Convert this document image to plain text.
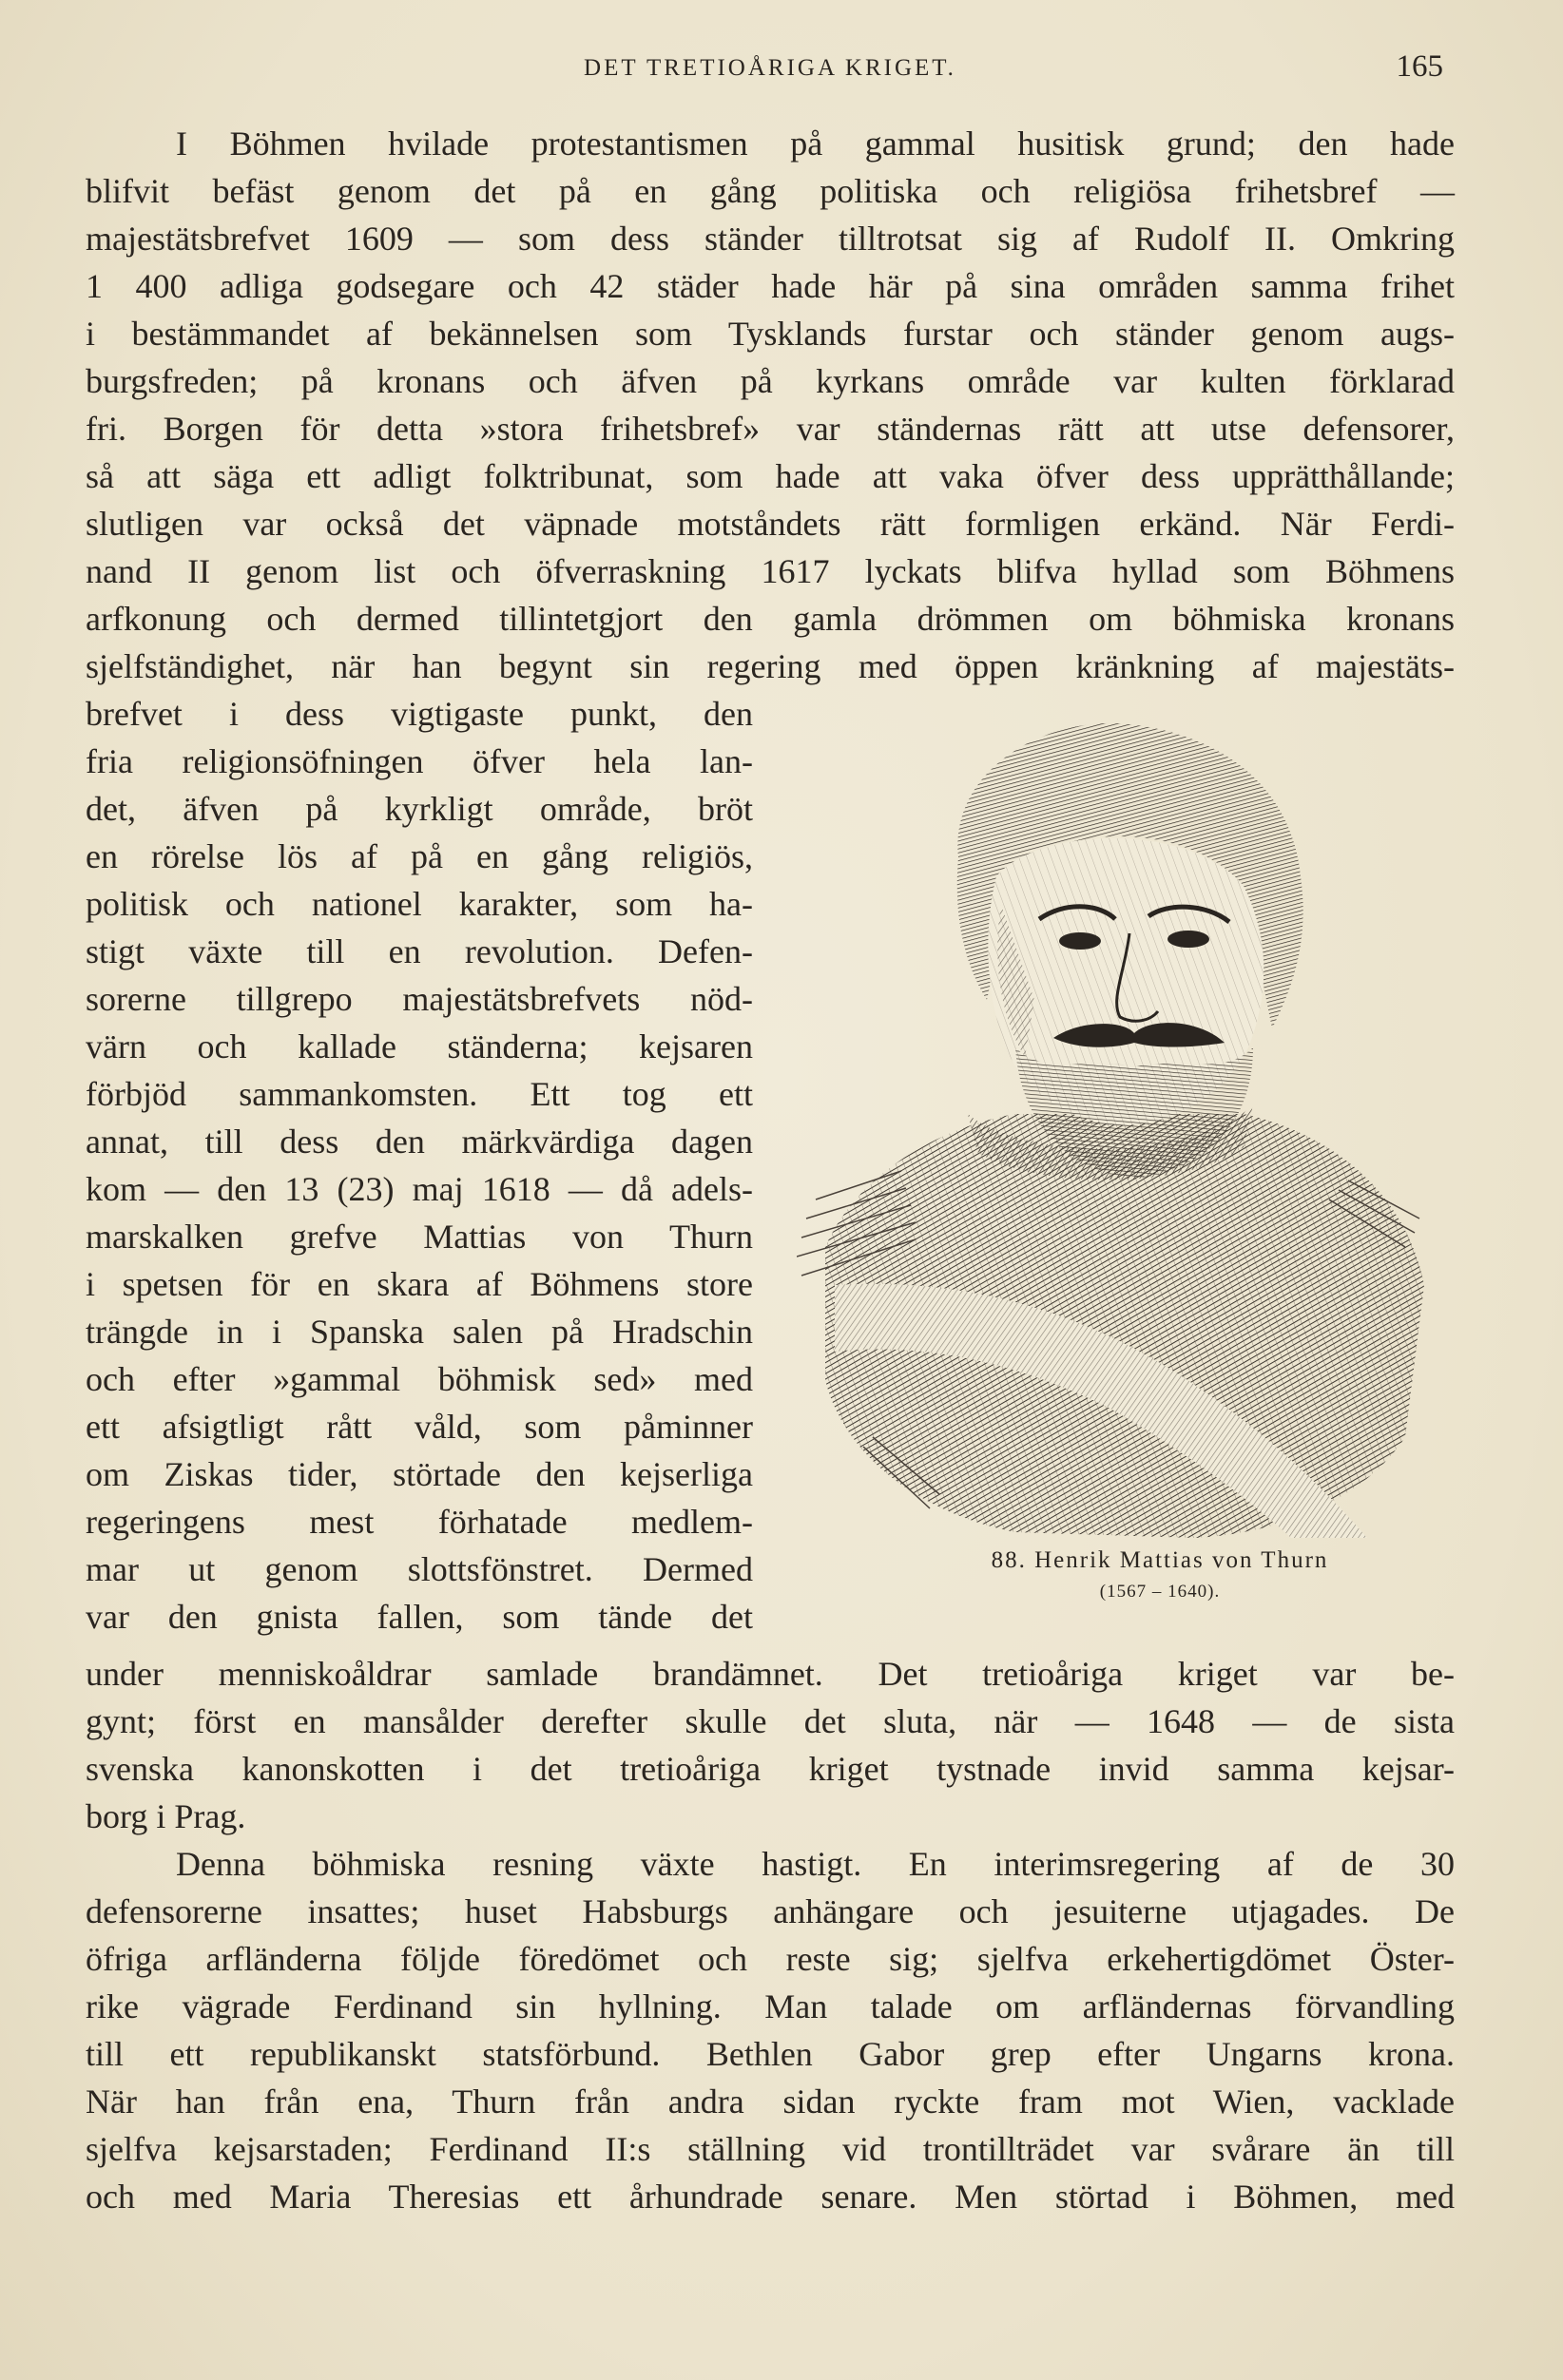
DET TRETIOÅRIGA KRIGET.	165
I Böhmen hvilade protestantismen på gammal husitisk grund; den hade
blifvit befäst genom det på en gång politiska och religiösa frihetsbref —
majestätsbrefvet 1609 — som dess ständer tilltrotsat sig af Rudolf II. Omkring
1 400 adliga godsegare och 42 städer hade här på sina områden samma frihet
i bestämmandet af bekännelsen som Tysklands furstar och ständer genom augs-
burgsfreden; på kronans och äfven på kyrkans område var kulten förklarad
fri. Borgen för detta »stora frihetsbref» var ständernas rätt att utse defensorer,
så att säga ett adligt folktribunat, som hade att vaka öfver dess upprätthållande;
slutligen var också det väpnade motståndets rätt formligen erkänd. När Ferdi-
nand II genom list och öfverraskning 1617 lyckats blifva hyllad som Böhmens
arfkonung och dermed tillintetgjort den gamla drömmen om böhmiska kronans
sjelfständighet, när han begynt sin regering med öppen kränkning af majestäts-
brefvet i dess vigtigaste punkt, den
fria religionsöfningen öfver hela lan-
det, äfven på kyrkligt område, bröt
en rörelse lös af på en gång religiös,
politisk och nationel karakter, som ha-
stigt växte till en revolution. Defen-
sorerne tillgrepo majestätsbrefvets nöd-
värn och kallade ständerna; kejsaren
förbjöd sammankomsten. Ett tog ett
annat, till dess den märkvärdiga dagen
kom — den 13 (23) maj 1618 — då adels-
marskalken grefve Mattias von Thurn
i spetsen för en skara af Böhmens store
trängde in i Spanska salen på Hradschin
och efter »gammal böhmisk sed» med
ett afsigtligt rått våld, som påminner
om Ziskas tider, störtade den kejserliga
regeringens mest förhatade medlem-
mar ut genom slottsfönstret. Dermed
var den gnista fallen, som tände det
under menniskoåldrar samlade brandämnet. Det tretioåriga kriget var be-
gynt; först en mansålder derefter skulle det sluta, när — 1648 — de sista
svenska kanonskotten i det tretioåriga kriget tystnade invid samma kejsar-
borg i Prag.
Denna böhmiska resning växte hastigt. En interimsregering af de 30
defensorerne insattes; huset Habsburgs anhängare och jesuiterne utjagades. De
öfriga arfländerna följde föredömet och reste sig; sjelfva erkehertigdömet Öster-
rike vägrade Ferdinand sin hyllning. Man talade om arfländernas förvandling
till ett republikanskt statsförbund. Bethlen Gabor grep efter Ungarns krona.
När han från ena, Thurn från andra sidan ryckte fram mot Wien, vacklade
sjelfva kejsarstaden; Ferdinand II:s ställning vid trontillträdet var svårare än till
och med Maria Theresias ett århundrade senare. Men störtad i Böhmen, med
88. Henrik Mattias von Thurn
(1567 – 1640).
